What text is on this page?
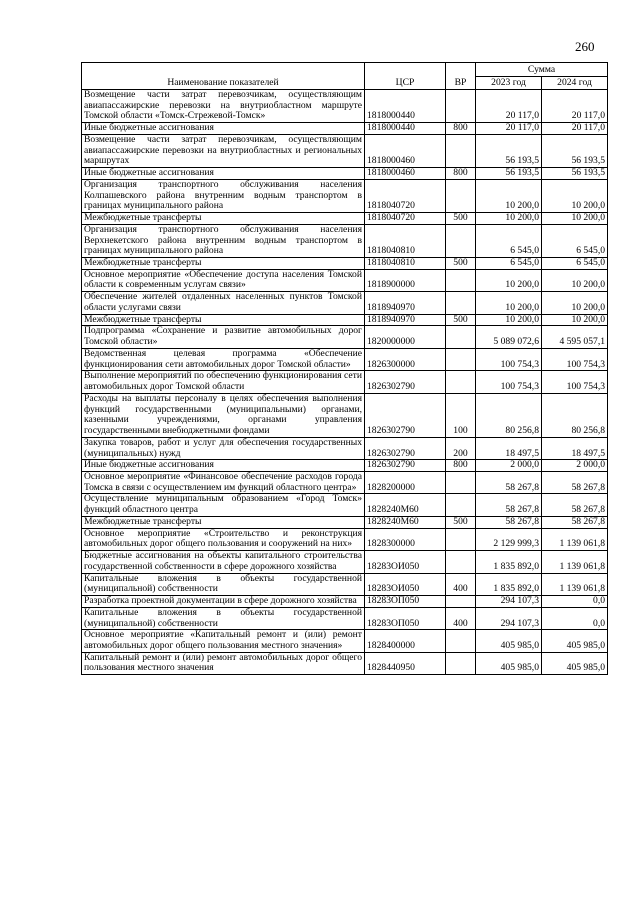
260
Наименование показателей	ЦСР	ВР	Сумма	
			2023 год	2024 год
Возмещение части затрат перевозчикам, осуществляющим авиапассажирские перевозки на внутриобластном маршруте Томской области «Томск-Стрежевой-Томск»	1818000440		20 117,0	20 117,0
Иные бюджетные ассигнования	1818000440	800	20 117,0	20 117,0
Возмещение части затрат перевозчикам, осуществляющим авиапассажирские перевозки на внутриобластных и региональных маршрутах	1818000460		56 193,5	56 193,5
Иные бюджетные ассигнования	1818000460	800	56 193,5	56 193,5
Организация транспортного обслуживания населения Колпашевского района внутренним водным транспортом в границах муниципального района	1818040720		10 200,0	10 200,0
Межбюджетные трансферты	1818040720	500	10 200,0	10 200,0
Организация транспортного обслуживания населения Верхнекетского района внутренним водным транспортом в границах муниципального района	1818040810		6 545,0	6 545,0
Межбюджетные трансферты	1818040810	500	6 545,0	6 545,0
Основное мероприятие «Обеспечение доступа населения Томской области к современным услугам связи»	1818900000		10 200,0	10 200,0
Обеспечение жителей отдаленных населенных пунктов Томской области услугами связи	1818940970		10 200,0	10 200,0
Межбюджетные трансферты	1818940970	500	10 200,0	10 200,0
Подпрограмма «Сохранение и развитие автомобильных дорог Томской области»	1820000000		5 089 072,6	4 595 057,1
Ведомственная целевая программа «Обеспечение функционирования сети автомобильных дорог Томской области»	1826300000		100 754,3	100 754,3
Выполнение мероприятий по обеспечению функционирования сети автомобильных дорог Томской области	1826302790		100 754,3	100 754,3
Расходы на выплаты персоналу в целях обеспечения выполнения функций государственными (муниципальными) органами, казенными учреждениями, органами управления государственными внебюджетными фондами	1826302790	100	80 256,8	80 256,8
Закупка товаров, работ и услуг для обеспечения государственных (муниципальных) нужд	1826302790	200	18 497,5	18 497,5
Иные бюджетные ассигнования	1826302790	800	2 000,0	2 000,0
Основное мероприятие «Финансовое обеспечение расходов города Томска в связи с осуществлением им функций областного центра»	1828200000		58 267,8	58 267,8
Осуществление муниципальным образованием «Город Томск» функций областного центра	1828240М60		58 267,8	58 267,8
Межбюджетные трансферты	1828240М60	500	58 267,8	58 267,8
Основное мероприятие «Строительство и реконструкция автомобильных дорог общего пользования и сооружений на них»	1828300000		2 129 999,3	1 139 061,8
Бюджетные ассигнования на объекты капитального строительства государственной собственности в сфере дорожного хозяйства	18283ОИ050		1 835 892,0	1 139 061,8
Капитальные вложения в объекты государственной (муниципальной) собственности	18283ОИ050	400	1 835 892,0	1 139 061,8
Разработка проектной документации в сфере дорожного хозяйства	18283ОП050		294 107,3	0,0
Капитальные вложения в объекты государственной (муниципальной) собственности	18283ОП050	400	294 107,3	0,0
Основное мероприятие «Капитальный ремонт и (или) ремонт автомобильных дорог общего пользования местного значения»	1828400000		405 985,0	405 985,0
Капитальный ремонт и (или) ремонт автомобильных дорог общего пользования местного значения	1828440950		405 985,0	405 985,0
